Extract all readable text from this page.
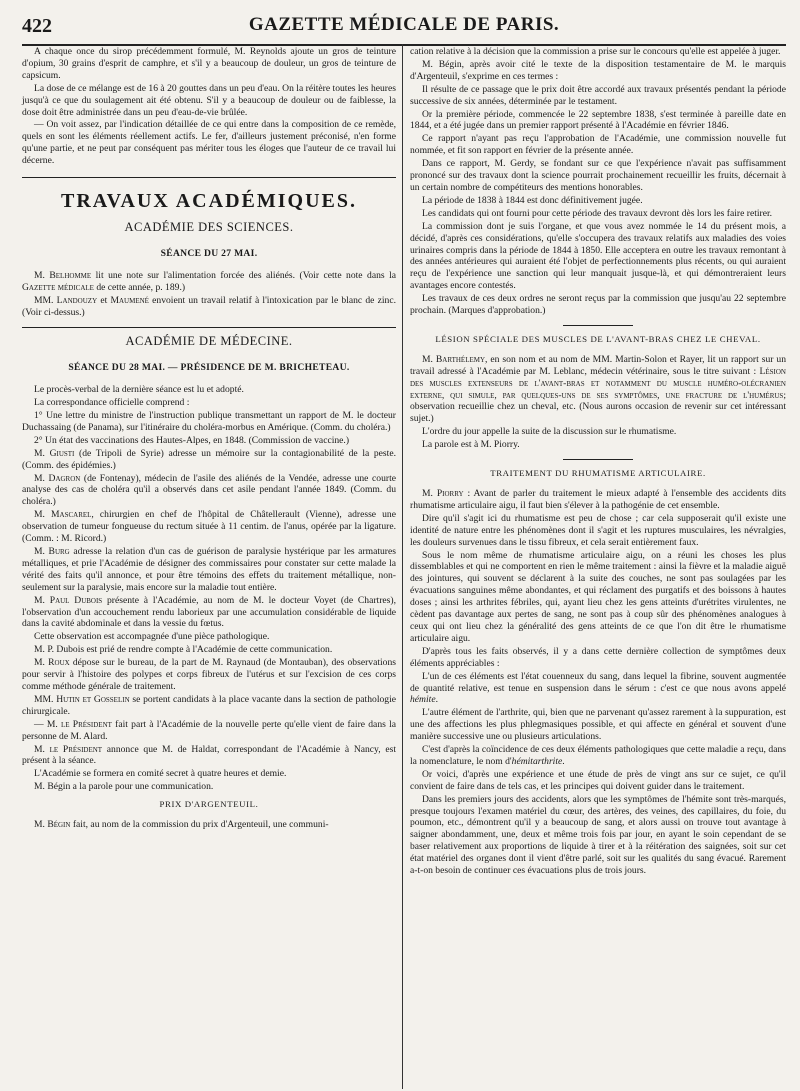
422	GAZETTE MÉDICALE DE PARIS.

A chaque once du sirop précédemment formulé, M. Reynolds ajoute un gros de teinture d'opium, 30 grains d'esprit de camphre, et s'il y a beaucoup de douleur, un gros de teinture de capsicum.

La dose de ce mélange est de 16 à 20 gouttes dans un peu d'eau. On la réitère toutes les heures jusqu'à ce que du soulagement ait été obtenu. S'il y a beaucoup de douleur ou de faiblesse, la dose doit être administrée dans un peu d'eau-de-vie brûlée.

— On voit assez, par l'indication détaillée de ce qui entre dans la composition de ce remède, quels en sont les éléments réellement actifs. Le fer, d'ailleurs justement préconisé, n'en forme qu'une partie, et ne peut par conséquent pas mériter tous les éloges que l'auteur de ce travail lui décerne.

TRAVAUX ACADÉMIQUES.
ACADÉMIE DES SCIENCES.
SÉANCE DU 27 MAI.

M. Belhomme lit une note sur l'alimentation forcée des aliénés. (Voir cette note dans la Gazette médicale de cette année, p. 189.)

MM. Landouzy et Maumené envoient un travail relatif à l'intoxication par le blanc de zinc. (Voir ci-dessus.)

ACADÉMIE DE MÉDECINE.
SÉANCE DU 28 MAI. — PRÉSIDENCE DE M. BRICHETEAU.

Le procès-verbal de la dernière séance est lu et adopté.

La correspondance officielle comprend :

1° Une lettre du ministre de l'instruction publique transmettant un rapport de M. le docteur Duchassaing (de Panama), sur l'itinéraire du choléra-morbus en Amérique. (Comm. du choléra.)

2° Un état des vaccinations des Hautes-Alpes, en 1848. (Commission de vaccine.)

M. Giusti (de Tripoli de Syrie) adresse un mémoire sur la contagionabilité de la peste. (Comm. des épidémies.)

M. Dagron (de Fontenay), médecin de l'asile des aliénés de la Vendée, adresse une courte analyse des cas de choléra qu'il a observés dans cet asile pendant l'année 1849. (Comm. du choléra.)

M. Mascarel, chirurgien en chef de l'hôpital de Châtellerault (Vienne), adresse une observation de tumeur fongueuse du rectum située à 11 centim. de l'anus, opérée par la ligature. (Comm. : M. Ricord.)

M. Burg adresse la relation d'un cas de guérison de paralysie hystérique par les armatures métalliques, et prie l'Académie de désigner des commissaires pour constater sur cette malade la vérité des faits qu'il annonce, et pour être témoins des effets du traitement métallique, non-seulement sur la paralysie, mais encore sur la maladie tout entière.

M. Paul Dubois présente à l'Académie, au nom de M. le docteur Voyet (de Chartres), l'observation d'un accouchement rendu laborieux par une accumulation considérable de liquide dans la cavité abdominale et dans la vessie du fœtus.

Cette observation est accompagnée d'une pièce pathologique.

M. P. Dubois est prié de rendre compte à l'Académie de cette communication.

M. Roux dépose sur le bureau, de la part de M. Raynaud (de Montauban), des observations pour servir à l'histoire des polypes et corps fibreux de l'utérus et sur l'excision de ces corps comme méthode générale de traitement.

MM. Hutin et Gosselin se portent candidats à la place vacante dans la section de pathologie chirurgicale.

— M. le Président fait part à l'Académie de la nouvelle perte qu'elle vient de faire dans la personne de M. Alard.

M. le Président annonce que M. de Haldat, correspondant de l'Académie à Nancy, est présent à la séance.

L'Académie se formera en comité secret à quatre heures et demie.

M. Bégin a la parole pour une communication.

PRIX D'ARGENTEUIL.

M. Bégin fait, au nom de la commission du prix d'Argenteuil, une communi-

cation relative à la décision que la commission a prise sur le concours qu'elle est appelée à juger.

M. Bégin, après avoir cité le texte de la disposition testamentaire de M. le marquis d'Argenteuil, s'exprime en ces termes :

Il résulte de ce passage que le prix doit être accordé aux travaux présentés pendant la période successive de six années, déterminée par le testament.

Or la première période, commencée le 22 septembre 1838, s'est terminée à pareille date en 1844, et a été jugée dans un premier rapport présenté à l'Académie en février 1846.

Ce rapport n'ayant pas reçu l'approbation de l'Académie, une commission nouvelle fut nommée, et fit son rapport en février de la présente année.

Dans ce rapport, M. Gerdy, se fondant sur ce que l'expérience n'avait pas suffisamment prononcé sur des travaux dont la science pourrait prochainement recueillir les fruits, décernait à un certain nombre de compétiteurs des mentions honorables.

La période de 1838 à 1844 est donc définitivement jugée.

Les candidats qui ont fourni pour cette période des travaux devront dès lors les faire retirer.

La commission dont je suis l'organe, et que vous avez nommée le 14 du présent mois, a décidé, d'après ces considérations, qu'elle s'occupera des travaux relatifs aux maladies des voies urinaires compris dans la période de 1844 à 1850. Elle acceptera en outre les travaux remontant à des années antérieures qui auraient été l'objet de perfectionnements plus récents, ou qui auraient reçu de l'expérience une sanction qui leur manquait jusque-là, et qui démontreraient leurs avantages encore contestés.

Les travaux de ces deux ordres ne seront reçus par la commission que jusqu'au 22 septembre prochain. (Marques d'approbation.)

LÉSION SPÉCIALE DES MUSCLES DE L'AVANT-BRAS CHEZ LE CHEVAL.

M. Barthélemy, en son nom et au nom de MM. Martin-Solon et Rayer, lit un rapport sur un travail adressé à l'Académie par M. Leblanc, médecin vétérinaire, sous le titre suivant : Lésion des muscles extenseurs de l'avant-bras et notamment du muscle huméro-olécranien externe, qui simule, par quelques-uns de ses symptômes, une fracture de l'humérus; observation recueillie chez un cheval, etc. (Nous aurons occasion de revenir sur cet intéressant sujet.)

L'ordre du jour appelle la suite de la discussion sur le rhumatisme.

La parole est à M. Piorry.

TRAITEMENT DU RHUMATISME ARTICULAIRE.

M. Piorry : Avant de parler du traitement le mieux adapté à l'ensemble des accidents dits rhumatisme articulaire aigu, il faut bien s'élever à la pathogénie de cet ensemble.

Dire qu'il s'agit ici du rhumatisme est peu de chose ; car cela supposerait qu'il existe une identité de nature entre les phénomènes dont il s'agit et les ruptures musculaires, les névralgies, les douleurs survenues dans le tissu fibreux, et cela serait entièrement faux.

Sous le nom même de rhumatisme articulaire aigu, on a réuni les choses les plus dissemblables et qui ne comportent en rien le même traitement : ainsi la fièvre et la maladie aiguë des jointures, qui souvent se déclarent à la suite des couches, ne sont pas soulagées par les évacuations sanguines même abondantes, et qui réclament des purgatifs et des boissons à hautes doses ; ainsi les arthrites fébriles, qui, ayant lieu chez les gens atteints d'urétrites virulentes, ne cèdent pas davantage aux pertes de sang, ne sont pas à coup sûr des phénomènes analogues à ceux qui ont lieu chez la généralité des gens atteints de ce que l'on dit être le rhumatisme articulaire aigu.

D'après tous les faits observés, il y a dans cette dernière collection de symptômes deux éléments appréciables :

L'un de ces éléments est l'état couenneux du sang, dans lequel la fibrine, souvent augmentée de quantité relative, est tenue en suspension dans le sérum : c'est ce que nous avons appelé hémite.

L'autre élément de l'arthrite, qui, bien que ne parvenant qu'assez rarement à la suppuration, est une des affections les plus phlegmasiques possible, et qui affecte en général et souvent d'une manière successive une ou plusieurs articulations.

C'est d'après la coïncidence de ces deux éléments pathologiques que cette maladie a reçu, dans la nomenclature, le nom d'hémitarthrite.

Or voici, d'après une expérience et une étude de près de vingt ans sur ce sujet, ce qu'il convient de faire dans de tels cas, et les principes qui doivent guider dans le traitement.

Dans les premiers jours des accidents, alors que les symptômes de l'hémite sont très-marqués, presque toujours l'examen matériel du cœur, des artères, des veines, des capillaires, du foie, du poumon, etc., démontrent qu'il y a beaucoup de sang, et alors aussi on trouve tout avantage à saigner abondamment, une, deux et même trois fois par jour, en ayant le soin cependant de se baser relativement aux proportions de liquide à tirer et à la réitération des saignées, soit sur cet état matériel des organes dont il vient d'être parlé, soit sur les qualités du sang évacué. Rarement a-t-on besoin de continuer ces évacuations plus de trois jours.
